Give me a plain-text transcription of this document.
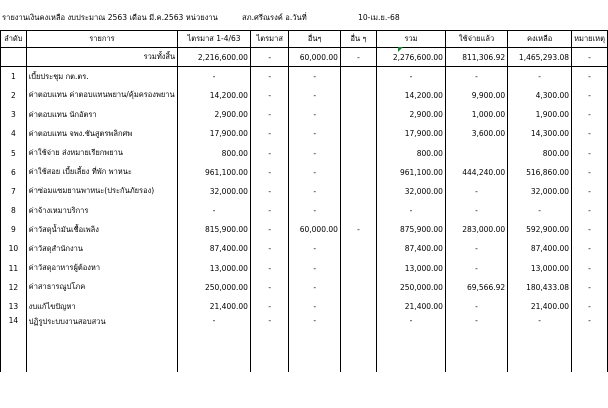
รายงานเงินคงเหลือ งบประมาณ 2563 เดือน มี.ค.2563 หน่วยงาน	สภ.ศรีณรงค์ อ.วันที่	10-เม.ย.-68
ลำดับ	รายการ	ไตรมาส 1-4/63	ไตรมาส	อื่นๆ	อื่น ๆ	รวม	ใช้จ่ายแล้ว	คงเหลือ	หมายเหตุ
	รวมทั้งสิ้น	2,216,600.00	-	60,000.00	-	2,276,600.00	811,306.92	1,465,293.08	-
1	เบี้ยประชุม กต.ตร.	-	-	-		-	-	-	-
2	ค่าตอบแทน ค่าตอบแทนพยาน/คุ้มครองพยาน	14,200.00	-	-		14,200.00	9,900.00	4,300.00	-
3	ค่าตอบแทน นักอัตรา	2,900.00	-	-		2,900.00	1,000.00	1,900.00	-
4	ค่าตอบแทน จพง.ชันสูตรพลิกศพ	17,900.00	-	-		17,900.00	3,600.00	14,300.00	-
5	ค่าใช้จ่าย ส่งหมายเรียกพยาน	800.00	-	-		800.00		800.00	-
6	ค่าใช้สอย เบี้ยเลี้ยง ที่พัก พาหนะ	961,100.00	-	-		961,100.00	444,240.00	516,860.00	-
7	ค่าซ่อมแซมยานพาหนะ(ประกันภัยรอง)	32,000.00	-	-		32,000.00	-	32,000.00	-
8	ค่าจ้างเหมาบริการ	-	-	-		-	-	-	-
9	ค่าวัสดุน้ำมันเชื้อเพลิง	815,900.00	-	60,000.00	-	875,900.00	283,000.00	592,900.00	-
10	ค่าวัสดุสำนักงาน	87,400.00	-	-		87,400.00	-	87,400.00	-
11	ค่าวัสดุอาหารผู้ต้องหา	13,000.00	-	-		13,000.00	-	13,000.00	-
12	ค่าสาธารณูปโภค	250,000.00	-	-		250,000.00	69,566.92	180,433.08	-
13	งบแก้ไขปัญหา	21,400.00	-	-		21,400.00	-	21,400.00	-
14	ปฏิรูประบบงานสอบสวน	-	-	-		-	-	-	-
